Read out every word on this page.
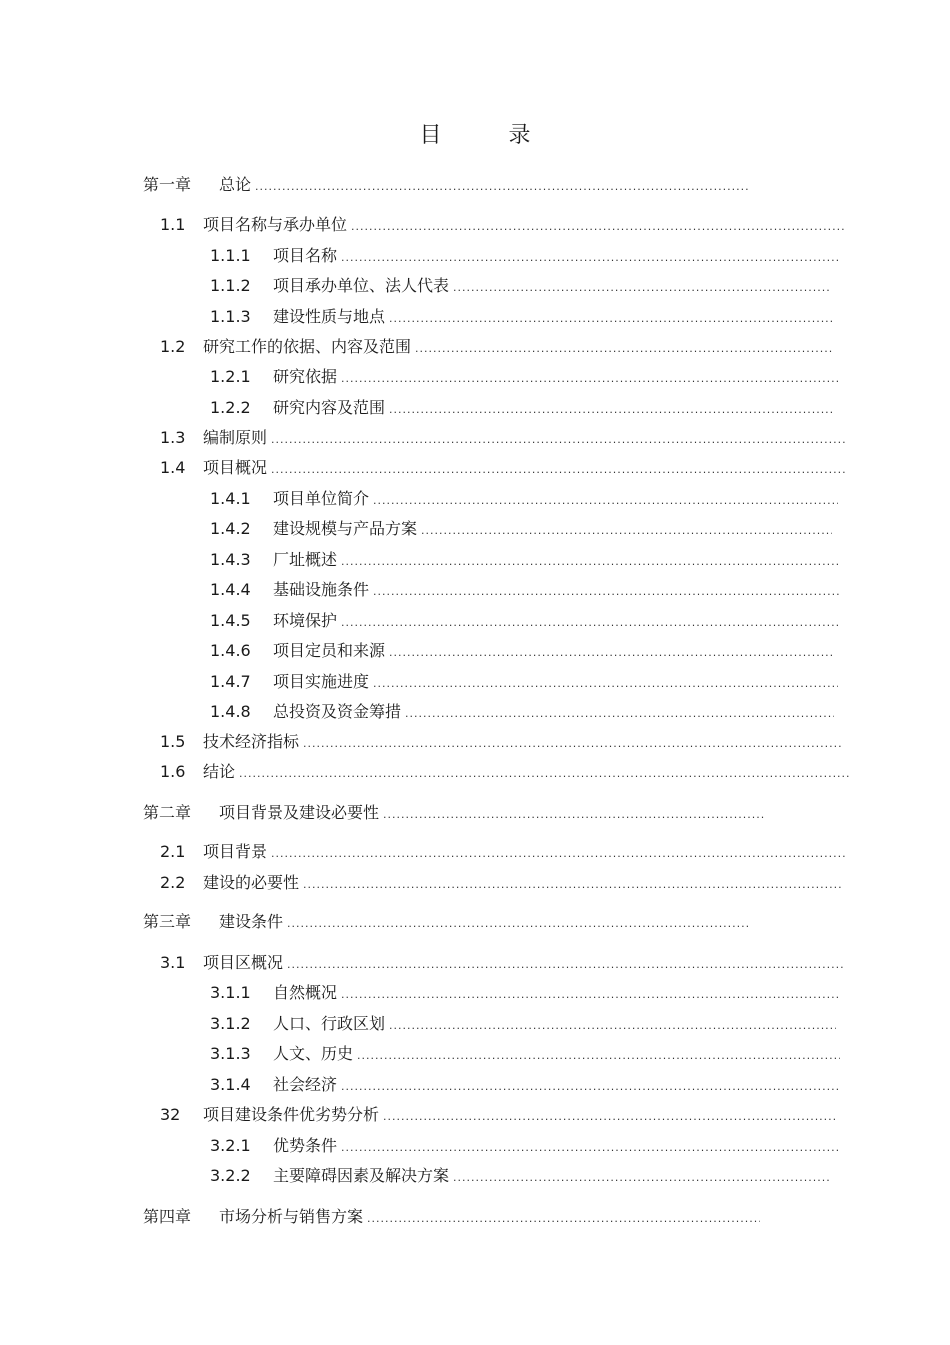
目 录
第一章	总论
.....
1.1	项目名称与承办单位
.....
1.1.1	项目名称
.....
1.1.2	项目承办单位、法人代表
.....
1.1.3	建设性质与地点
.....
1.2	研究工作的依据、内容及范围
.....
1.2.1	研究依据
.....
1.2.2	研究内容及范围
.....
1.3	编制原则
.....
1.4	项目概况
.....
1.4.1	项目单位简介
.....
1.4.2	建设规模与产品方案
.....
1.4.3	厂址概述
.....
1.4.4	基础设施条件
.....
1.4.5	环境保护
.....
1.4.6	项目定员和来源
.....
1.4.7	项目实施进度
.....
1.4.8	总投资及资金筹措
.....
1.5	技术经济指标
.....
1.6	结论
.....
第二章	项目背景及建设必要性
.....
2.1	项目背景
.....
2.2	建设的必要性
.....
第三章	建设条件
.....
3.1	项目区概况
.....
3.1.1	自然概况
.....
3.1.2	人口、行政区划
.....
3.1.3	人文、历史
.....
3.1.4	社会经济
.....
32	项目建设条件优劣势分析
.....
3.2.1	优势条件
.....
3.2.2	主要障碍因素及解决方案
.....
第四章	市场分析与销售方案
.....
